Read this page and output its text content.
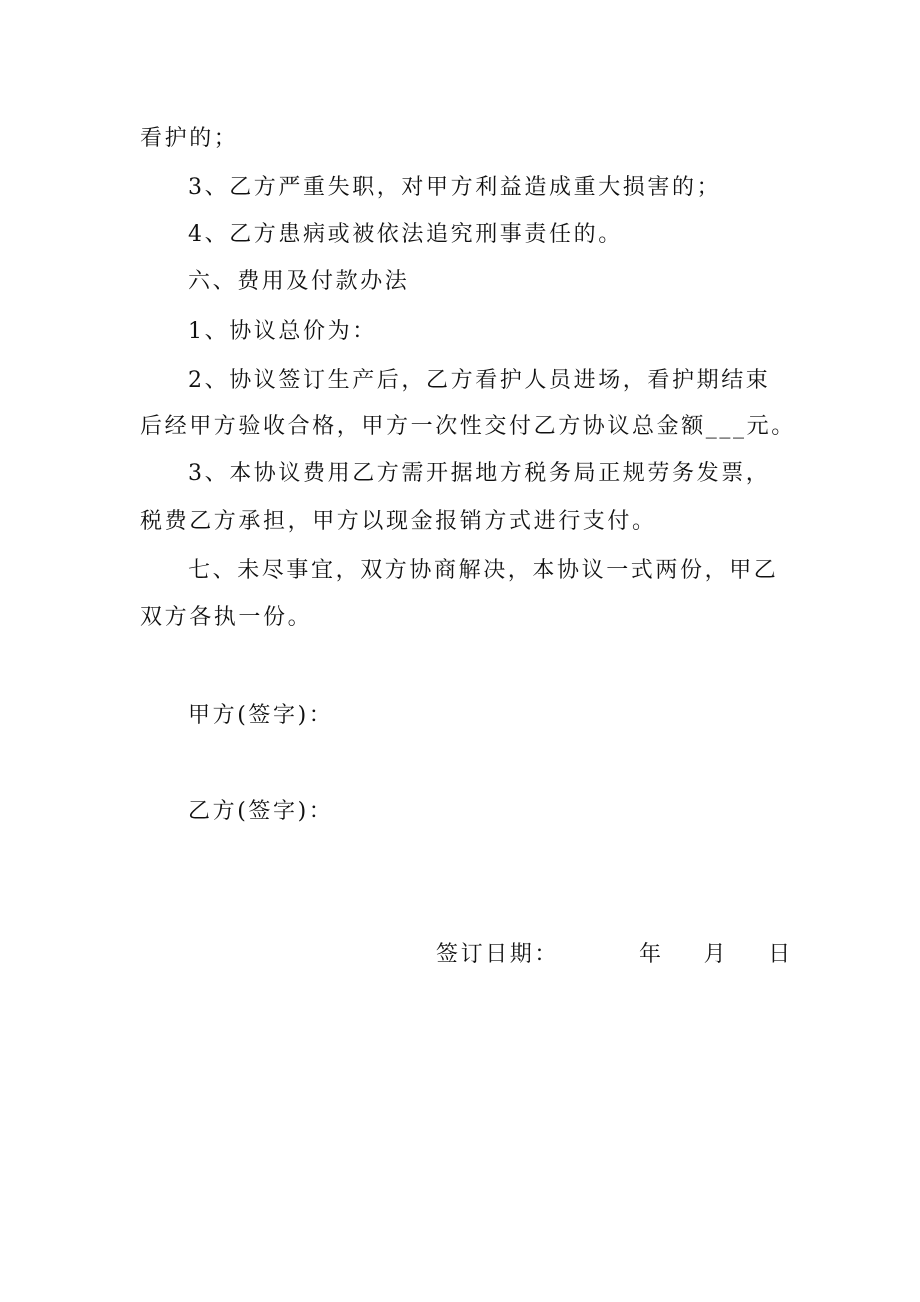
看护的；
3、乙方严重失职，对甲方利益造成重大损害的；
4、乙方患病或被依法追究刑事责任的。
六、费用及付款办法
1、协议总价为：
2、协议签订生产后，乙方看护人员进场，看护期结束
后经甲方验收合格，甲方一次性交付乙方协议总金额___元。
3、本协议费用乙方需开据地方税务局正规劳务发票，
税费乙方承担，甲方以现金报销方式进行支付。
七、未尽事宜，双方协商解决，本协议一式两份，甲乙
双方各执一份。
甲方(签字)：
乙方(签字)：
签订日期：	年 月 日
